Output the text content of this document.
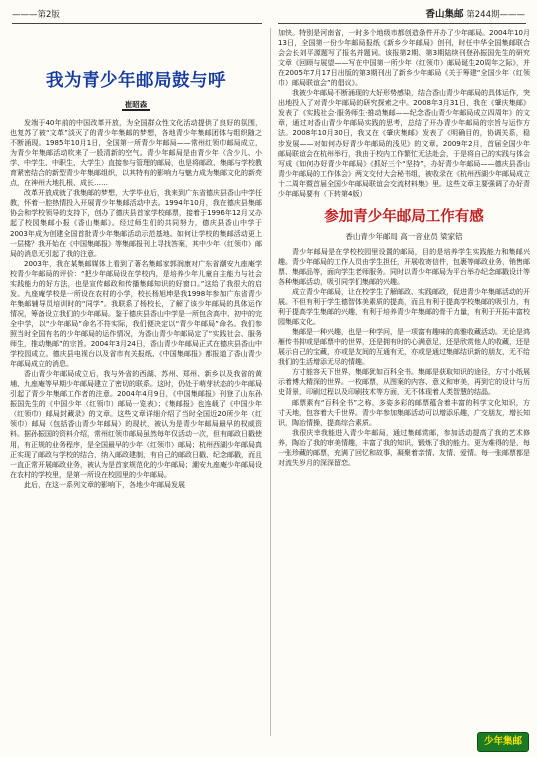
———第2版	香山集邮 第244期———
我为青少年邮局鼓与呼
崔昭森

发端于40年前的中国改革开放，为全国群众性文化活动提供了良好的氛围，也复苏了被“文革”淡灭了的青少年集邮的梦想，各地青少年集邮团体与组织随之不断涌现。1985年10月1日，全国第一所青少年邮局——常州红领巾邮局成立，为青少年集邮活动吹来了一股清新的空气。青少年邮局是由青少年（含少儿、小学、中学生、中职生、大学生）直接参与管理的邮局，也是将邮政、集邮与学校教育紧密结合的新型青少年集邮组织，以其特有的影响力与魅力成为集邮文化的新亮点，在神州大地扎根、成长……

改革开放成就了我集邮的梦想，大学毕业后，我来到广东省德庆县香山中学任教，怀着一腔热情投入开展青少年集邮活动中去。1994年10月，我在德庆县集邮协会和学校领导的支持下，创办了德庆县首家学校邮票，接着于1996年12月又办起了校园集邮小报《香山集邮》。经过师生们的共同努力，德庆县香山中学于2003年成为创建全国首批青少年集邮活动示范基地。如何让学校的集邮活动更上一层楼？我开始在《中国集邮报》等集邮报刊上寻找答案，其中少年（红领巾）邮局的消息无引起了我的注意。

2003年，我在某集邮媒体上看到了著名集邮家郭润康对广东省潮安九座庵学校青少年邮局的评价：“把少年邮局设在学校内，是培养少年儿童自主能力与社会实践能力的好方法，也是宣传邮政和传播集邮知识的好窗口。”这给了我很大的启发。九座庵学校是一所设在农村的小学，校长杨旭坤是我1998年参加广东省青少年集邮辅导员培训时的“同学”。我联系了杨校长，了解了该少年邮局的具体运作情况，筹备设立我们的少年邮局。鉴于德庆县香山中学是一所包含高中、初中的完全中学，以“少年邮局”命名不符实际，我们便决定以“青少年邮局”命名。我们参照当时全国有名的少年邮局的运作情况，为香山青少年邮局定了“实践社会、服务师生，推动集邮”的宗旨。2004年3月24日，香山青少年邮局正式在德庆县香山中学校园成立。德庆县电视台以及省市有关报纸、《中国集邮报》都报道了香山青少年邮局成立的消息。

香山青少年邮局成立后，我与外省的西湖、苏州、郑州、新乡以及我省的黄埔、九座庵等早期少年邮局建立了密切的联系。这时，仍处于萌芽状态的少年邮局引起了青少年集邮工作者的注意。2004年4月9日，《中国集邮报》刊登了山东孙振国先生的《中国少年（红领巾）邮局一览表》；《集邮报》也连载了《中国少年（红领巾）邮局封藏录》的文章。这些文章详细介绍了当时全国近20所少年（红领巾）邮局（包括香山青少年邮局）的现状，被认为是青少年邮局最早的权威资料。据孙振国的资料介绍，常州红领巾邮局虽然每年仅活动一次，但有邮政日戳使用，有正规的业务程序，是全国最早的少年（红领巾）邮局；杭州西湖少年邮局真正实现了邮政与学校的结合，纳入邮政建制，有自己的邮政日戳、纪念邮戳，而且一直正常开展邮政业务，被认为是首家规范化的少年邮局；潮安九座庵少年邮局设在农村的学校里，是第一所设在校园里的少年邮局。

此后，在这一系列文章的影响下，各地少年邮局发展

加快。特别是河南省，一时多个地级市都创造条件开办了少年邮局。2004年10月13日，全国第一份少年邮局报纸《新乡少年邮局》创刊，时任中华全国集邮联合会会长刘平源题写了报名并题词。该报第2期、第3期陆续刊登孙振国先生的研究文章《回顾与展望——写在中国第一所少年（红领巾）邮局诞生20周年之际》，并在2005年7月17日出版的第3期刊出了新乡少年邮局《关于筹建“全国少年（红领巾）邮局联谊会”的倡议》。

我被少年邮局不断涌现的大好形势感染，结合香山青少年邮局的具体运作，突出地投入了对青少年邮局的研究探索之中。2008年3月31日，我在《肇庆集邮》发表了《实践社会·服务师生·推动集邮——纪念香山青少年邮局成立四周年》的文章，通过对香山青少年邮局实践的思考，总结了开办青少年邮局的宗旨与运作方法。2008年10月30日，我又在《肇庆集邮》发表了《明确目的，协调关系，稳步发展——对如何办好青少年邮局的浅见》的文章。2009年2月，首届全国少年邮局联谊会在杭州举行，我由于校内工作繁忙无法赴会，于是将自己的实践与体会写成《如何办好青少年邮局》《抓好三个“坚持”，办好青少年邮局——德庆县香山青少年邮局的工作体会》两文交付大会秘书组，被收录在《杭州西湖少年邮局成立十二周年暨首届全国少年邮局联谊会交流材料集》里。这些文章主要强调了办好青少年邮局要有（下转第4版）

参加青少年邮局工作有感
香山青少年邮局 高一音业员 梁家锫

青少年邮局是在学校校园里设置的邮局，目的是培养学生实践能力和集邮兴趣。青少年邮局的工作人员由学生担任，开展收寄信件，包裹等邮政业务，销售邮票、集邮品等，面向学生老师服务。同时以青少年邮局为平台举办纪念邮戳设计等各种集邮活动，吸引同学们集邮的兴趣。

成立青少年邮局，让在校学生了解邮政、实践邮政，促进青少年集邮活动的开展。不但有利于学生德智体美素质的提高，而且有利于提高学校集邮的吸引力，有利于提高学生集邮的兴趣，有利于培养青少年集邮的骨干力量，有利于开拓丰富校园集邮文化。

集邮是一种兴趣，也是一种学问，是一项富有趣味的高雅收藏活动。无论是鸿雁传书抑或是邮票中的世界，还是拥有时的心满意足，还是欣赏他人的收藏，还是展示自己的宝藏，亦或是友间的互通有无，亦或是通过集邮结识新的朋友，无不给我们的生活增添无尽的情趣。

方寸能容天下世界，集邮犹如百科全书。集邮是获取知识的途径，方寸小纸展示着博大精深的世界。一枚邮票，从图案的内容、意义和审美，再到它的设计与历史背景，印刷过程以及印刷技术等方面，无不体现着人类智慧的结晶。

邮票素有“百科全书”之称，多姿多彩的邮票蕴含着丰富的科学文化知识，方寸天地，包容着大千世界。青少年参加集邮活动可以增添乐趣，广交朋友，增长知识，陶冶情操，提高综合素质。

我很庆幸我能进入青少年邮局，通过集邮赏邮，参加活动提高了我的艺术修养，陶冶了我的审美情趣，丰富了我的知识，锻炼了我的能力。更为难得的是，每一张珍藏的邮票，充满了回忆和故事，凝聚着亲情、友情、爱情。每一张邮票都是对流失岁月的深深留恋。

少年集邮
